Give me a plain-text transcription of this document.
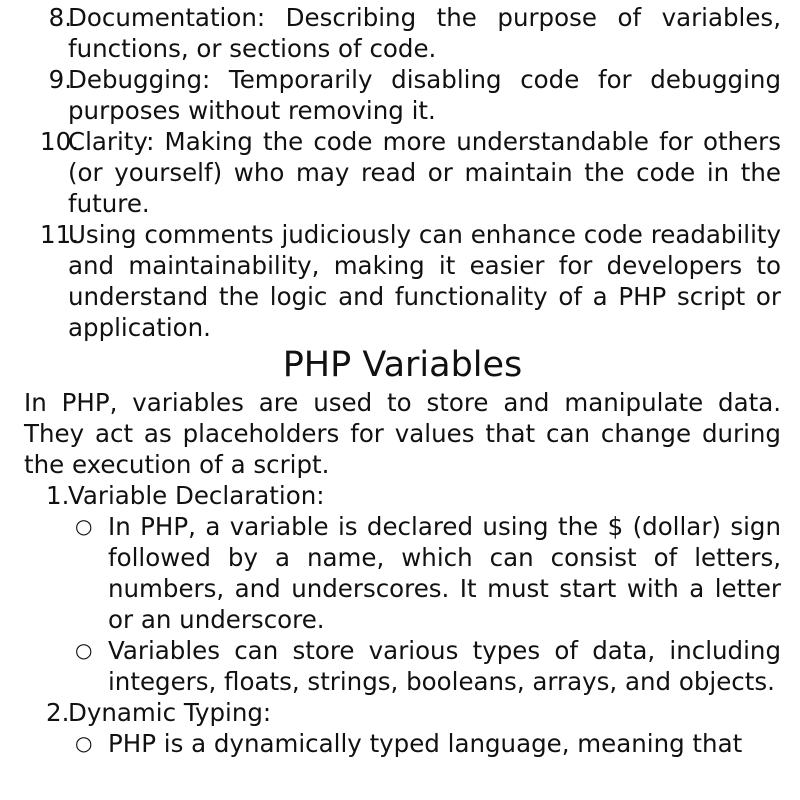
8.
Documentation: Describing the purpose of variables, functions, or sections of code.
9.
Debugging: Temporarily disabling code for debugging purposes without removing it.
10.
Clarity: Making the code more understandable for others (or yourself) who may read or maintain the code in the future.
11.
Using comments judiciously can enhance code readability and maintainability, making it easier for developers to understand the logic and functionality of a PHP script or application.
PHP Variables

In PHP, variables are used to store and manipulate data. They act as placeholders for values that can change during the execution of a script.

1.
Variable Declaration:
○ In PHP, a variable is declared using the $ (dollar) sign followed by a name, which can consist of letters, numbers, and underscores. It must start with a letter or an underscore.
○ Variables can store various types of data, including integers, floats, strings, booleans, arrays, and objects.
2.
Dynamic Typing:
○ PHP is a dynamically typed language, meaning that
